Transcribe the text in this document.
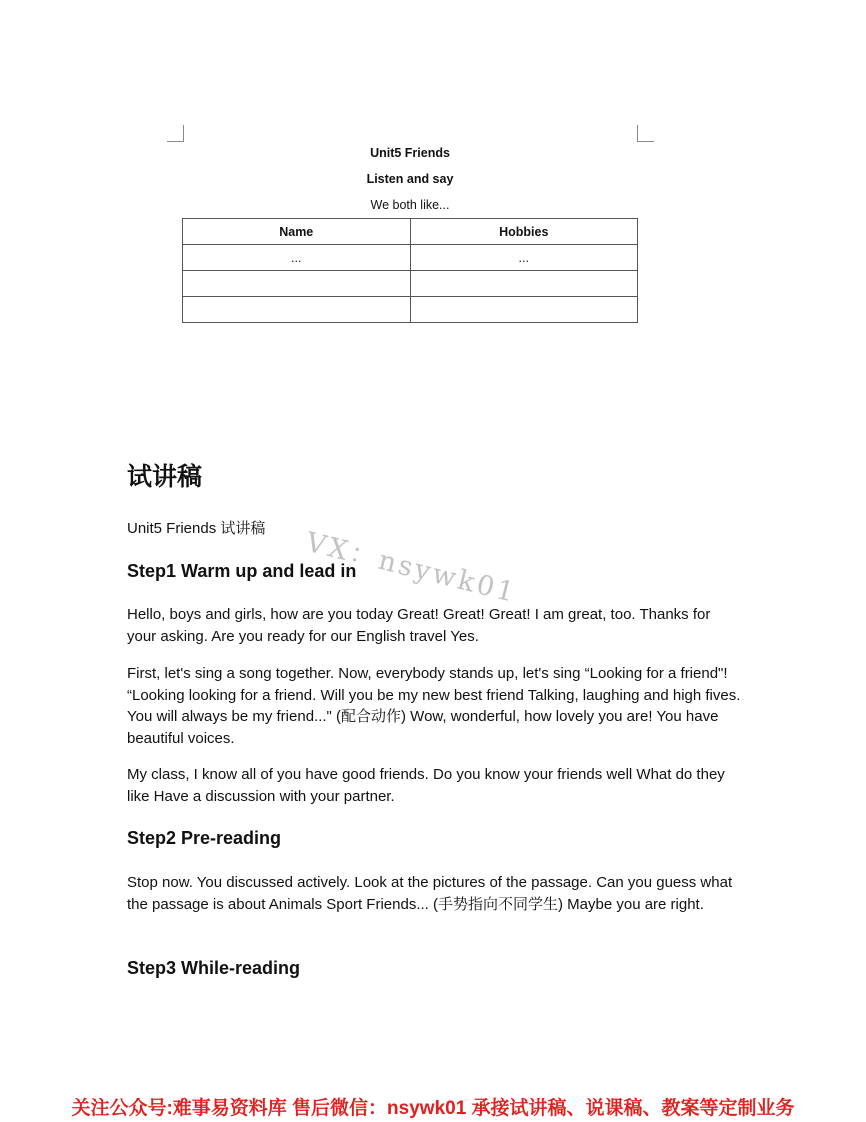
Unit5 Friends
Listen and say
We both like...
Name	Hobbies
...	...

试讲稿

Unit5 Friends 试讲稿 VX：nsywk01
Step1 Warm up and lead in

Hello, boys and girls, how are you today Great! Great! Great! I am great, too. Thanks for your asking. Are you ready for our English travel Yes.

First, let's sing a song together. Now, everybody stands up, let's sing “Looking for a friend"! “Looking looking for a friend. Will you be my new best friend Talking, laughing and high fives. You will always be my friend..." (配合动作) Wow, wonderful, how lovely you are! You have beautiful voices.

My class, I know all of you have good friends. Do you know your friends well What do they like Have a discussion with your partner.

Step2 Pre-reading

Stop now. You discussed actively. Look at the pictures of the passage. Can you guess what the passage is about Animals Sport Friends... (手势指向不同学生) Maybe you are right.

Step3 While-reading
关注公众号:难事易资料库 售后微信：nsywk01 承接试讲稿、说课稿、教案等定制业务
